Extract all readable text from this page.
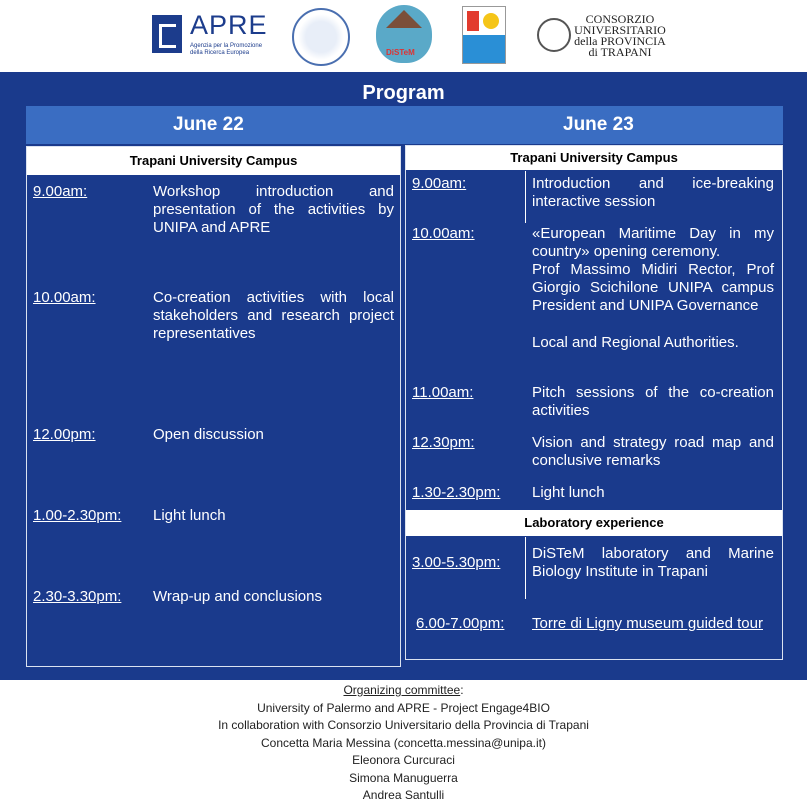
APRE
Agenzia per la Promozione della Ricerca Europea	DiSTeM
CONSORZIO UNIVERSITARIO della PROVINCIA di TRAPANI
Program
June 22	June 23
Trapani University Campus
9.00am:	Workshop introduction and presentation of the activities by UNIPA and APRE
10.00am:	Co-creation activities with local stakeholders and research project representatives
12.00pm:	Open discussion
1.00-2.30pm: Light lunch
2.30-3.30pm: Wrap-up and conclusions
Trapani University Campus
9.00am:	Introduction and ice-breaking interactive session
10.00am:	«European Maritime Day in my country» opening ceremony.
Prof Massimo Midiri Rector, Prof Giorgio Scichilone UNIPA campus President and UNIPA Governance
Local and Regional Authorities.
11.00am:	Pitch sessions of the co-creation activities
12.30pm:	Vision and strategy road map and conclusive remarks
1.30-2.30pm: Light lunch
Laboratory experience
3.00-5.30pm:
DiSTeM laboratory and Marine Biology Institute in Trapani
6.00-7.00pm: Torre di Ligny museum guided tour
Organizing committee:
University of Palermo and APRE - Project Engage4BIO
In collaboration with Consorzio Universitario della Provincia di Trapani
Concetta Maria Messina (concetta.messina@unipa.it)
Eleonora Curcuraci
Simona Manuguerra
Andrea Santulli
